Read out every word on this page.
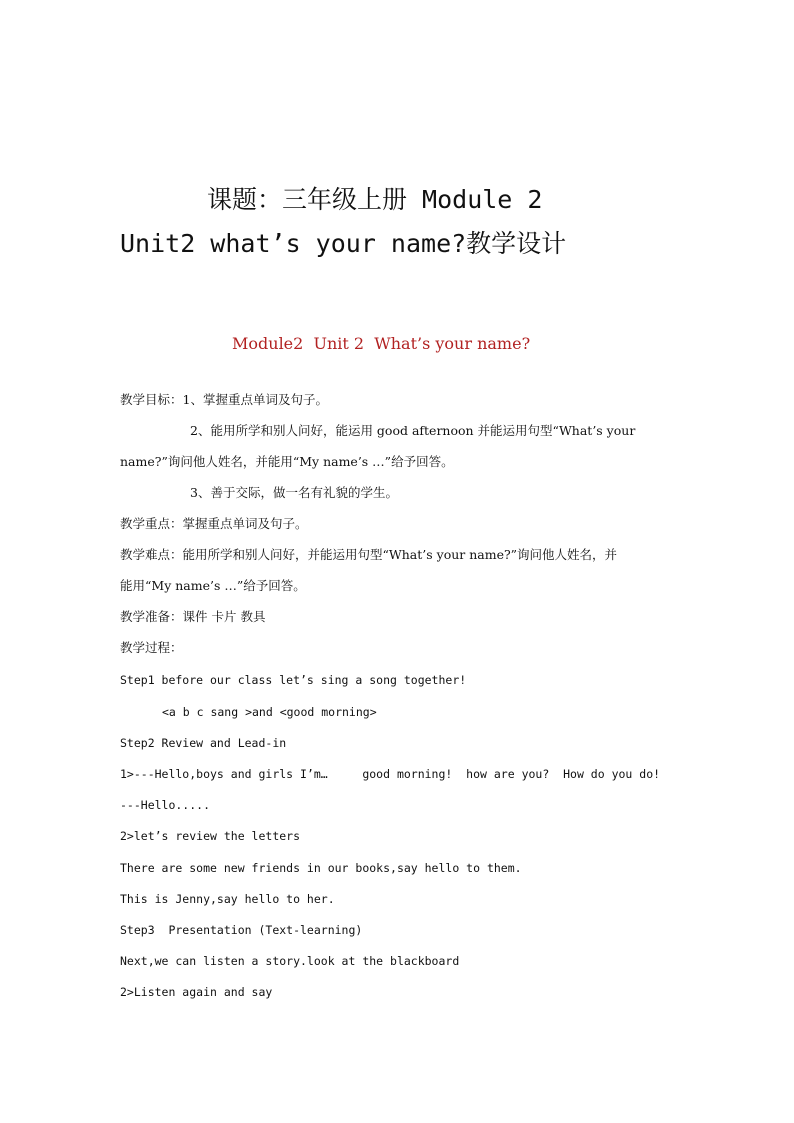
课题：三年级上册 Module 2
Unit2 what’s your name?教学设计
Module2  Unit 2  What’s your name?
教学目标：1、掌握重点单词及句子。
2、能用所学和别人问好，能运用 good afternoon 并能运用句型“What’s your
name?”询问他人姓名，并能用“My name’s …”给予回答。
3、善于交际，做一名有礼貌的学生。
教学重点：掌握重点单词及句子。
教学难点：能用所学和别人问好，并能运用句型“What’s your name?”询问他人姓名，并
能用“My name’s …”给予回答。
教学准备：课件 卡片 教具
教学过程：
Step1 before our class let’s sing a song together!
<a b c sang >and <good morning>
Step2 Review and Lead-in
1>---Hello,boys and girls I’m…     good morning!  how are you?  How do you do!
---Hello.....
2>let’s review the letters
There are some new friends in our books,say hello to them.
This is Jenny,say hello to her.
Step3  Presentation (Text-learning)
Next,we can listen a story.look at the blackboard
2>Listen again and say
